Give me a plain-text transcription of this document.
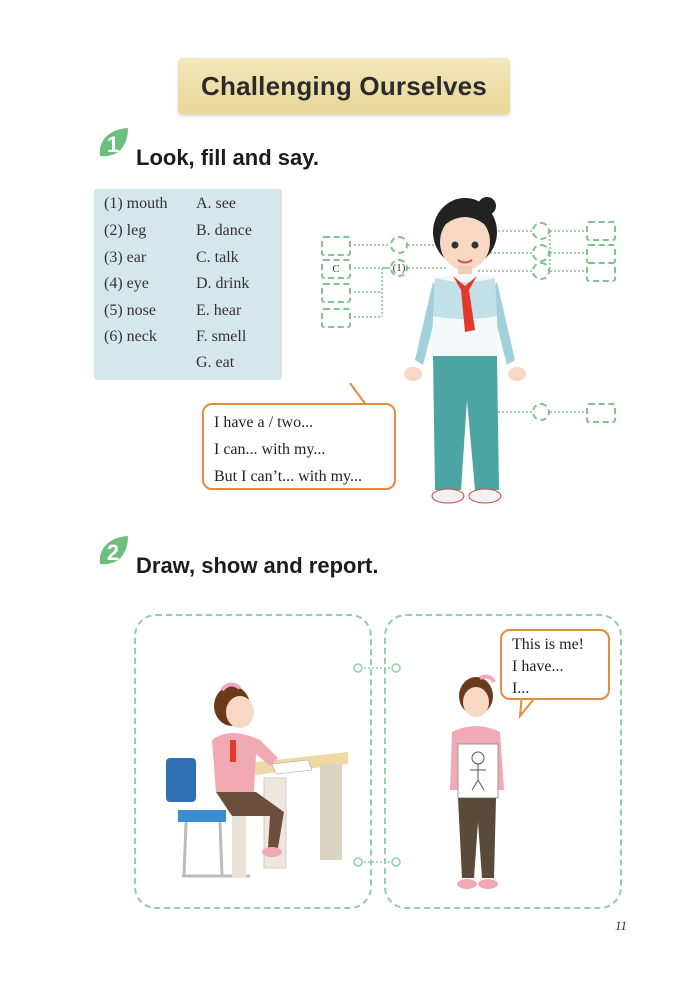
Challenging Ourselves
1
Look, fill and say.
(1) mouth
(2) leg
(3) ear
(4) eye
(5) nose
(6) neck
A. see
B. dance
C. talk
D. drink
E. hear
F. smell
G. eat
C	(1)
I have a / two...
I can... with my...
But I can’t... with my...
2
Draw, show and report.
This is me!
I have...
I...
11
